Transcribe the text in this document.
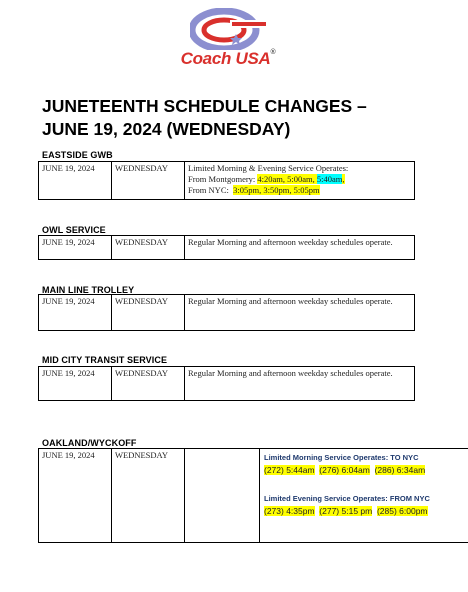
Coach USA®
JUNETEENTH SCHEDULE CHANGES –
JUNE 19, 2024 (WEDNESDAY)
EASTSIDE GWB
JUNE 19, 2024	WEDNESDAY	Limited Morning & Evening Service Operates:
From Montgomery: 4:20am, 5:00am, 5:40am,
From NYC:  3:05pm, 3:50pm, 5:05pm
OWL SERVICE
JUNE 19, 2024	WEDNESDAY	Regular Morning and afternoon weekday schedules operate.
MAIN LINE TROLLEY
JUNE 19, 2024	WEDNESDAY	Regular Morning and afternoon weekday schedules operate.
MID CITY TRANSIT SERVICE
JUNE 19, 2024	WEDNESDAY	Regular Morning and afternoon weekday schedules operate.
OAKLAND/WYCKOFF
JUNE 19, 2024	WEDNESDAY		Limited Morning Service Operates: TO NYC
(272) 5:44am (276) 6:04am (286) 6:34am
Limited Evening Service Operates: FROM NYC
(273) 4:35pm (277) 5:15 pm (285) 6:00pm
